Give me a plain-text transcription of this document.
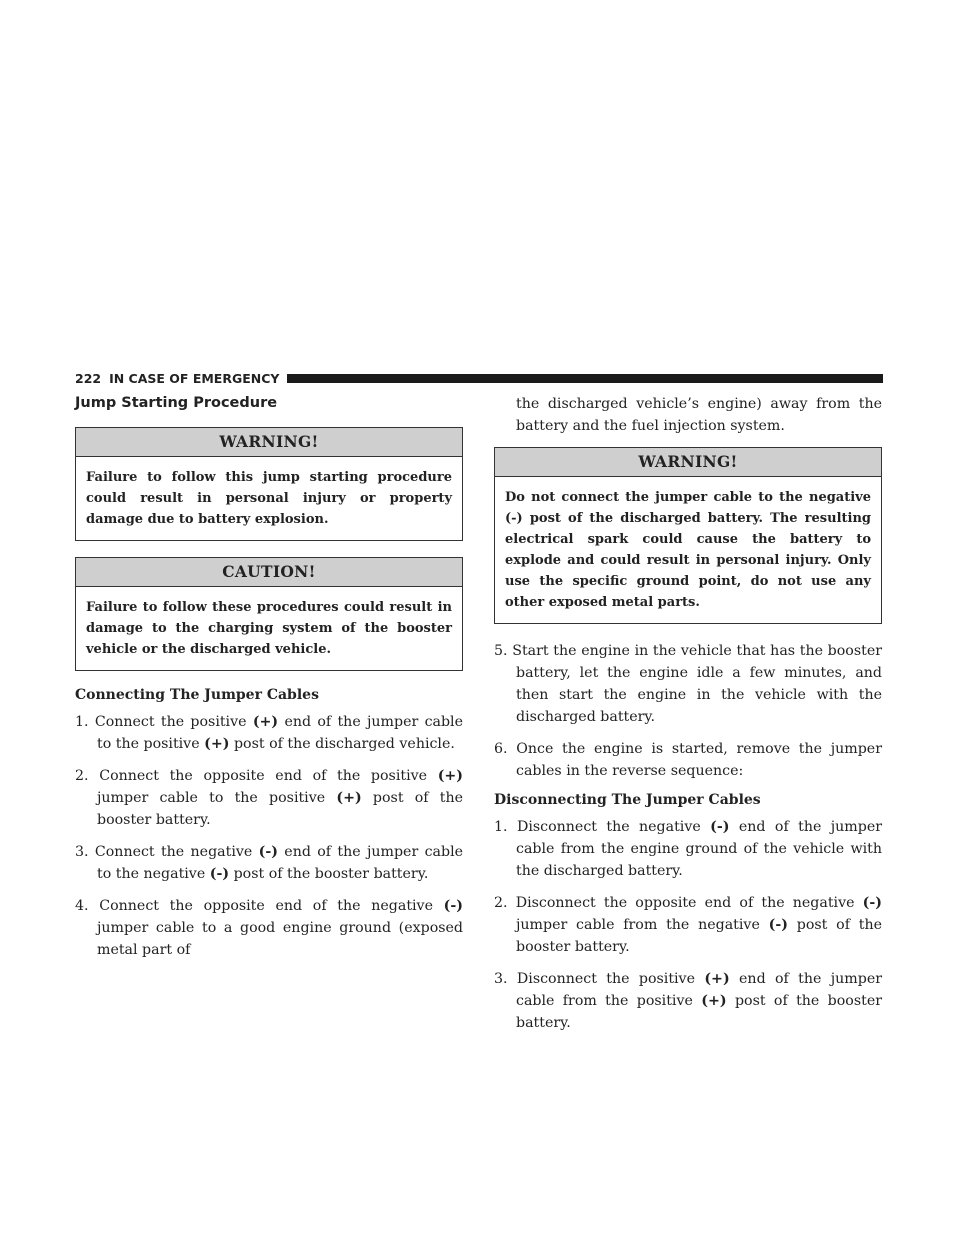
222 IN CASE OF EMERGENCY
Jump Starting Procedure
WARNING!
Failure to follow this jump starting procedure could result in personal injury or property damage due to battery explosion.
CAUTION!
Failure to follow these procedures could result in damage to the charging system of the booster vehicle or the discharged vehicle.
Connecting The Jumper Cables
1. Connect the positive (+) end of the jumper cable to the positive (+) post of the discharged vehicle.
2. Connect the opposite end of the positive (+) jumper cable to the positive (+) post of the booster battery.
3. Connect the negative (-) end of the jumper cable to the negative (-) post of the booster battery.
4. Connect the opposite end of the negative (-) jumper cable to a good engine ground (exposed metal part of
the discharged vehicle’s engine) away from the battery and the fuel injection system.
WARNING!
Do not connect the jumper cable to the negative (-) post of the discharged battery. The resulting electrical spark could cause the battery to explode and could result in personal injury. Only use the specific ground point, do not use any other exposed metal parts.
5. Start the engine in the vehicle that has the booster battery, let the engine idle a few minutes, and then start the engine in the vehicle with the discharged battery.
6. Once the engine is started, remove the jumper cables in the reverse sequence:
Disconnecting The Jumper Cables
1. Disconnect the negative (-) end of the jumper cable from the engine ground of the vehicle with the discharged battery.
2. Disconnect the opposite end of the negative (-) jumper cable from the negative (-) post of the booster battery.
3. Disconnect the positive (+) end of the jumper cable from the positive (+) post of the booster battery.
